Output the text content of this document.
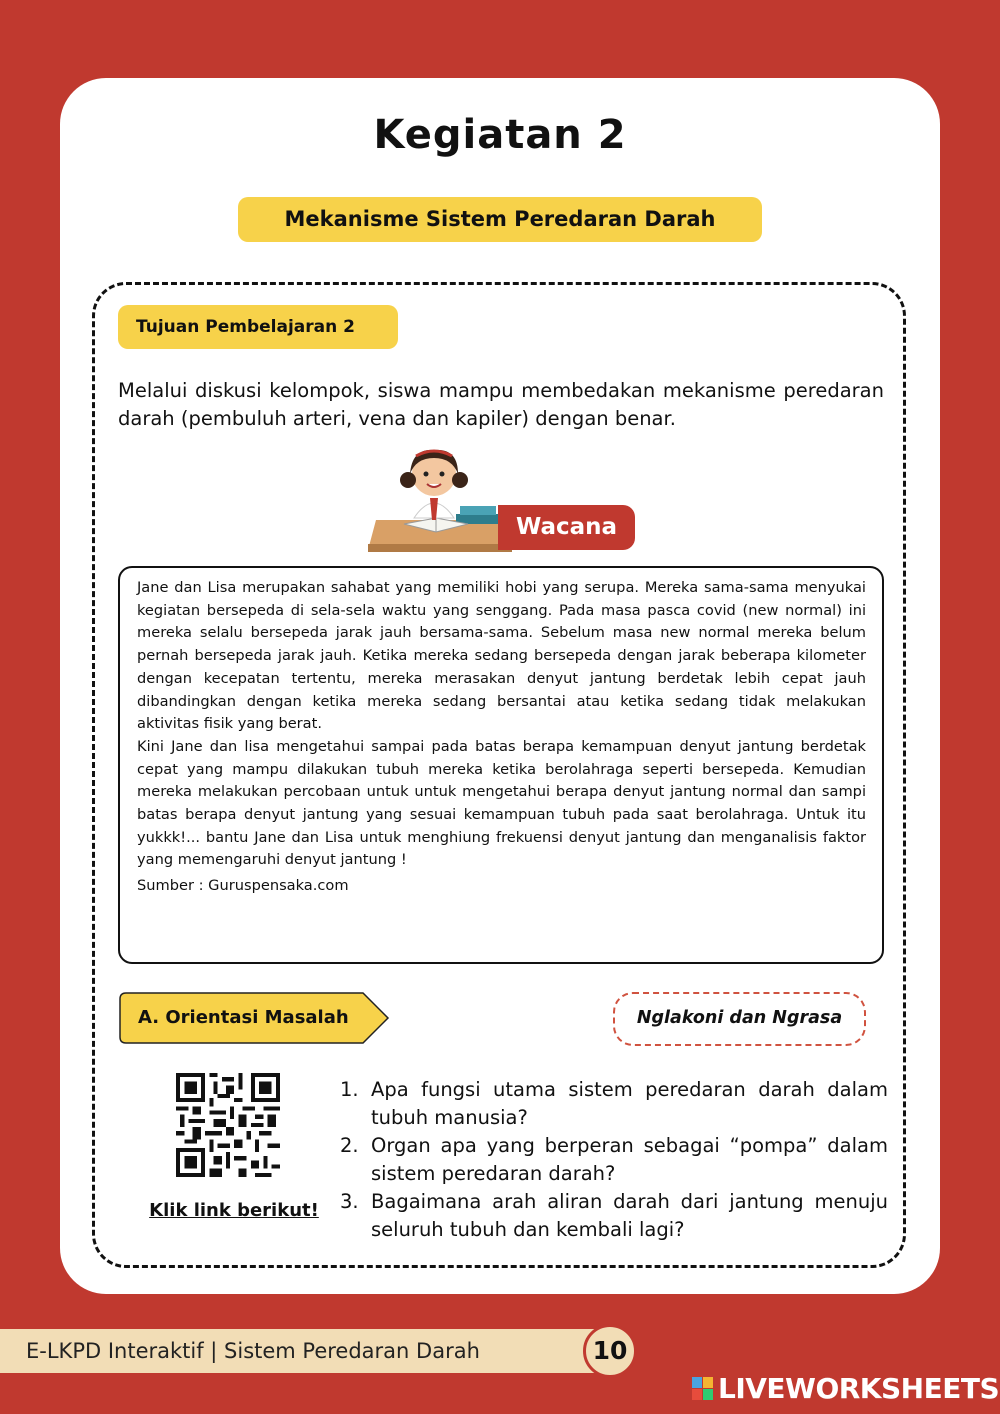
Kegiatan 2
Mekanisme Sistem Peredaran Darah
Tujuan Pembelajaran 2
Melalui diskusi kelompok, siswa mampu membedakan mekanisme peredaran darah (pembuluh arteri, vena dan kapiler) dengan benar.
Wacana

Jane dan Lisa merupakan sahabat yang memiliki hobi yang serupa. Mereka sama-sama menyukai kegiatan bersepeda di sela-sela waktu yang senggang. Pada masa pasca covid (new normal) ini mereka selalu bersepeda jarak jauh bersama-sama. Sebelum masa new normal mereka belum pernah bersepeda jarak jauh. Ketika mereka sedang bersepeda dengan jarak beberapa kilometer dengan kecepatan tertentu, mereka merasakan denyut jantung berdetak lebih cepat jauh dibandingkan dengan ketika mereka sedang bersantai atau ketika sedang tidak melakukan aktivitas fisik yang berat.

Kini Jane dan lisa mengetahui sampai pada batas berapa kemampuan denyut jantung berdetak cepat yang mampu dilakukan tubuh mereka ketika berolahraga seperti bersepeda. Kemudian mereka melakukan percobaan untuk untuk mengetahui berapa denyut jantung normal dan sampi batas berapa denyut jantung yang sesuai kemampuan tubuh pada saat berolahraga. Untuk itu yukkk!... bantu Jane dan Lisa untuk menghiung frekuensi denyut jantung dan menganalisis faktor yang memengaruhi denyut jantung !

Sumber : Guruspensaka.com

A. Orientasi Masalah	Nglakoni dan Ngrasa
Klik link berikut!
1. Apa fungsi utama sistem peredaran darah dalam tubuh manusia?
2. Organ apa yang berperan sebagai “pompa” dalam sistem peredaran darah?
3. Bagaimana arah aliran darah dari jantung menuju seluruh tubuh dan kembali lagi?
E-LKPD Interaktif | Sistem Peredaran Darah	10
LIVEWORKSHEETS
